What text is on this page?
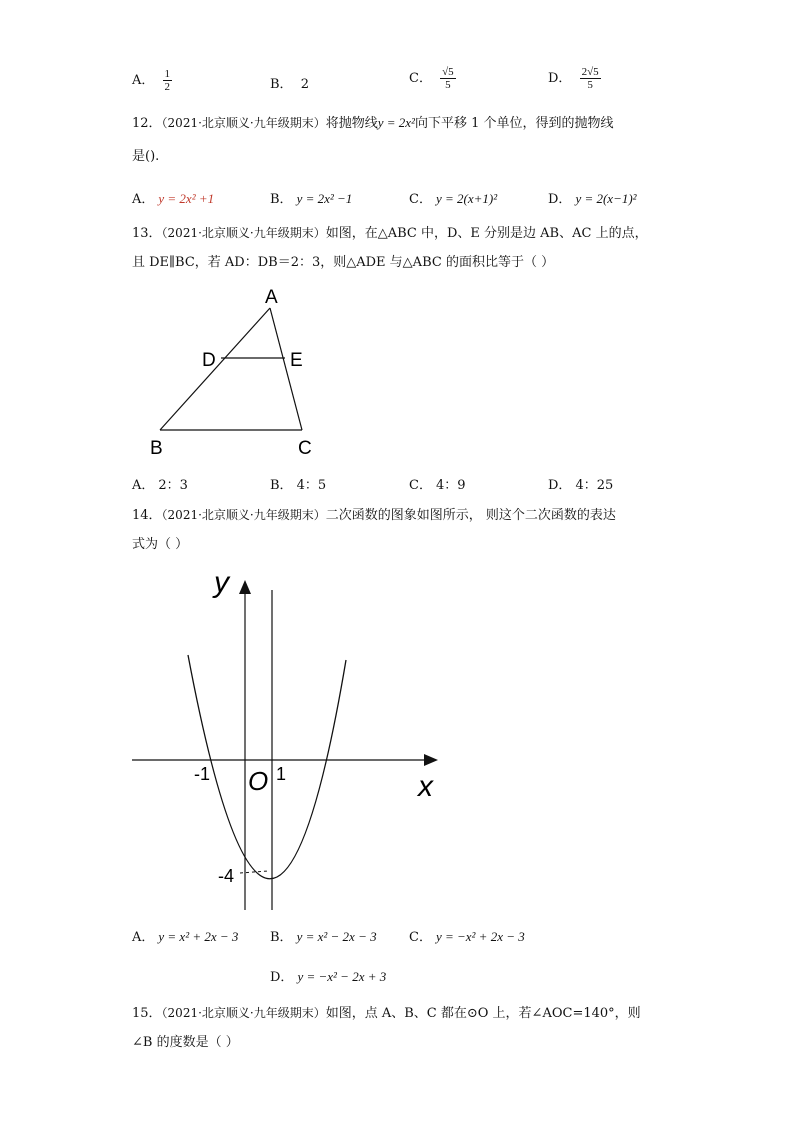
A． $\frac{1}{2}$	B． 2	C． $\frac{√5}{5}$	D． $\frac{2√5}{5}$
12．（2021·北京顺义·九年级期末）将抛物线y = 2x²向下平移 1 个单位，得到的抛物线
是().
A． y = 2x² +1	B． y = 2x² −1	C． y = 2(x+1)²	D． y = 2(x−1)²
13．（2021·北京顺义·九年级期末）如图，在△ABC 中，D、E 分别是边 AB、AC 上的点，
且 DE∥BC，若 AD：DB＝2：3，则△ADE 与△ABC 的面积比等于（ ）
A
D	E
B	C
A． 2：3	B． 4：5	C． 4：9	D． 4：25
14．（2021·北京顺义·九年级期末）二次函数的图象如图所示， 则这个二次函数的表达
式为（ ）
y
x
O
-1	1
-4
A． y = x² + 2x − 3 B． y = x² − 2x − 3 C． y = −x² + 2x − 3
D． y = −x² − 2x + 3
15．（2021·北京顺义·九年级期末）如图，点 A、B、C 都在⊙O 上，若∠AOC=140°，则
∠B 的度数是（ ）
